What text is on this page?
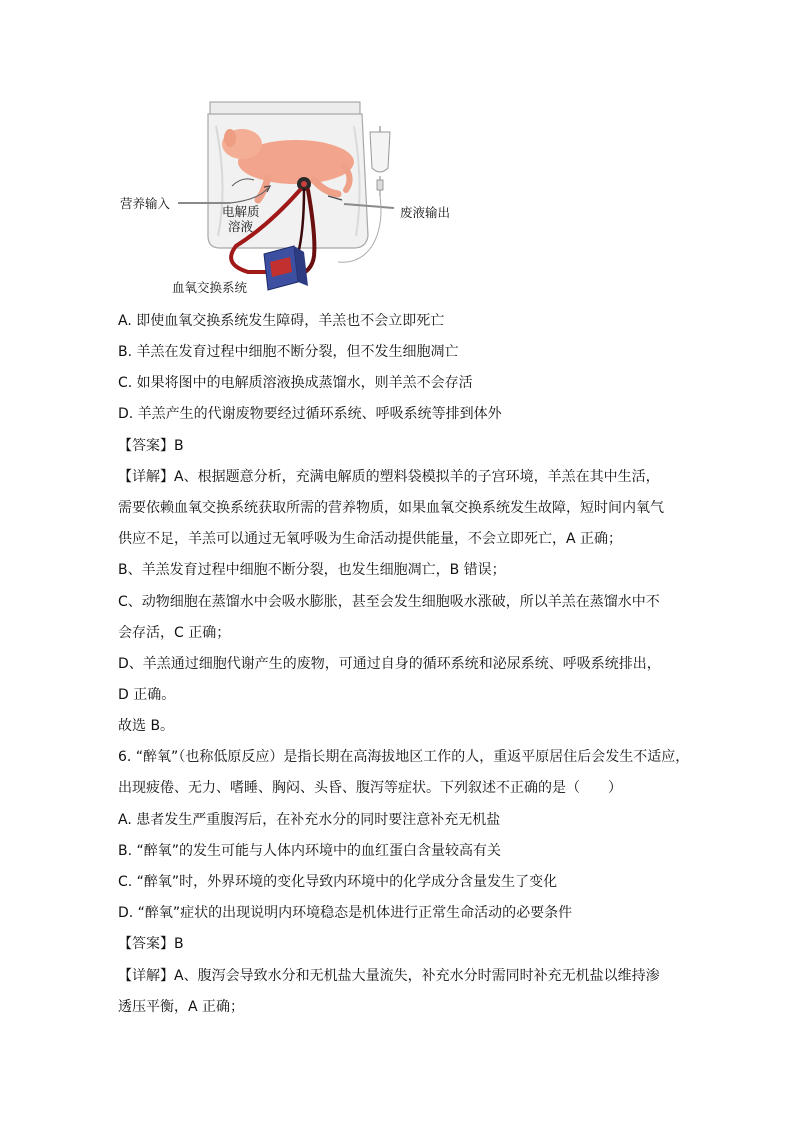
营养输入
电解质
溶液
废液输出
血氧交换系统
A. 即使血氧交换系统发生障碍，羊羔也不会立即死亡
B. 羊羔在发育过程中细胞不断分裂，但不发生细胞凋亡
C. 如果将图中的电解质溶液换成蒸馏水，则羊羔不会存活
D. 羊羔产生的代谢废物要经过循环系统、呼吸系统等排到体外
【答案】B
【详解】A、根据题意分析，充满电解质的塑料袋模拟羊的子宫环境，羊羔在其中生活，
需要依赖血氧交换系统获取所需的营养物质，如果血氧交换系统发生故障，短时间内氧气
供应不足，羊羔可以通过无氧呼吸为生命活动提供能量，不会立即死亡，A 正确；
B、羊羔发育过程中细胞不断分裂，也发生细胞凋亡，B 错误；
C、动物细胞在蒸馏水中会吸水膨胀，甚至会发生细胞吸水涨破，所以羊羔在蒸馏水中不
会存活，C 正确；
D、羊羔通过细胞代谢产生的废物，可通过自身的循环系统和泌尿系统、呼吸系统排出，
D 正确。
故选 B。
6. “醉氧”（也称低原反应）是指长期在高海拔地区工作的人，重返平原居住后会发生不适应，
出现疲倦、无力、嗜睡、胸闷、头昏、腹泻等症状。下列叙述不正确的是（　　）
A. 患者发生严重腹泻后，在补充水分的同时要注意补充无机盐
B. “醉氧”的发生可能与人体内环境中的血红蛋白含量较高有关
C. “醉氧”时，外界环境的变化导致内环境中的化学成分含量发生了变化
D. “醉氧”症状的出现说明内环境稳态是机体进行正常生命活动的必要条件
【答案】B
【详解】A、腹泻会导致水分和无机盐大量流失，补充水分时需同时补充无机盐以维持渗
透压平衡，A 正确；
